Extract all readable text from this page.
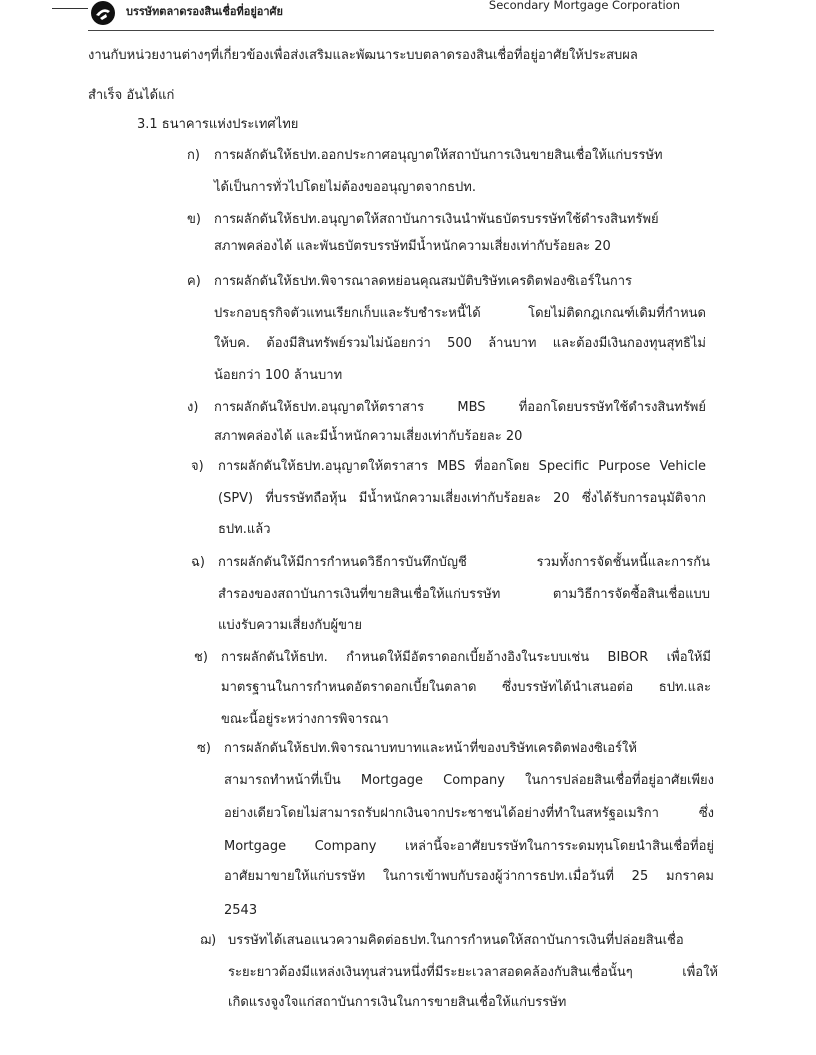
บรรษัทตลาดรองสินเชื่อที่อยู่อาศัย	Secondary Mortgage Corporation
งานกับหน่วยงานต่างๆที่เกี่ยวข้องเพื่อส่งเสริมและพัฒนาระบบตลาดรองสินเชื่อที่อยู่อาศัยให้ประสบผล
สำเร็จ อันได้แก่
3.1 ธนาคารแห่งประเทศไทย
ก) การผลักดันให้ธปท.ออกประกาศอนุญาตให้สถาบันการเงินขายสินเชื่อให้แก่บรรษัท
ได้เป็นการทั่วไปโดยไม่ต้องขออนุญาตจากธปท.
ข) การผลักดันให้ธปท.อนุญาตให้สถาบันการเงินนำพันธบัตรบรรษัทใช้ดำรงสินทรัพย์
สภาพคล่องได้ และพันธบัตรบรรษัทมีน้ำหนักความเสี่ยงเท่ากับร้อยละ 20
ค) การผลักดันให้ธปท.พิจารณาลดหย่อนคุณสมบัติบริษัทเครดิตฟองซิเอร์ในการ
ประกอบธุรกิจตัวแทนเรียกเก็บและรับชำระหนี้ได้ โดยไม่ติดกฎเกณฑ์เดิมที่กำหนด
ให้บค. ต้องมีสินทรัพย์รวมไม่น้อยกว่า 500 ล้านบาท และต้องมีเงินกองทุนสุทธิไม่
น้อยกว่า 100 ล้านบาท
ง) การผลักดันให้ธปท.อนุญาตให้ตราสาร MBS ที่ออกโดยบรรษัทใช้ดำรงสินทรัพย์
สภาพคล่องได้ และมีน้ำหนักความเสี่ยงเท่ากับร้อยละ 20
จ) การผลักดันให้ธปท.อนุญาตให้ตราสาร MBS ที่ออกโดย Specific Purpose Vehicle
(SPV) ที่บรรษัทถือหุ้น มีน้ำหนักความเสี่ยงเท่ากับร้อยละ 20 ซึ่งได้รับการอนุมัติจาก
ธปท.แล้ว
ฉ) การผลักดันให้มีการกำหนดวิธีการบันทึกบัญชี รวมทั้งการจัดชั้นหนี้และการกัน
สำรองของสถาบันการเงินที่ขายสินเชื่อให้แก่บรรษัท ตามวิธีการจัดซื้อสินเชื่อแบบ
แบ่งรับความเสี่ยงกับผู้ขาย
ช) การผลักดันให้ธปท. กำหนดให้มีอัตราดอกเบี้ยอ้างอิงในระบบเช่น BIBOR เพื่อให้มี
มาตรฐานในการกำหนดอัตราดอกเบี้ยในตลาด ซึ่งบรรษัทได้นำเสนอต่อ ธปท.และ
ขณะนี้อยู่ระหว่างการพิจารณา
ซ) การผลักดันให้ธปท.พิจารณาบทบาทและหน้าที่ของบริษัทเครดิตฟองซิเอร์ให้
สามารถทำหน้าที่เป็น Mortgage Company ในการปล่อยสินเชื่อที่อยู่อาศัยเพียง
อย่างเดียวโดยไม่สามารถรับฝากเงินจากประชาชนได้อย่างที่ทำในสหรัฐอเมริกา ซึ่ง
Mortgage Company เหล่านี้จะอาศัยบรรษัทในการระดมทุนโดยนำสินเชื่อที่อยู่
อาศัยมาขายให้แก่บรรษัท ในการเข้าพบกับรองผู้ว่าการธปท.เมื่อวันที่ 25 มกราคม
2543
ฌ) บรรษัทได้เสนอแนวความคิดต่อธปท.ในการกำหนดให้สถาบันการเงินที่ปล่อยสินเชื่อ
ระยะยาวต้องมีแหล่งเงินทุนส่วนหนึ่งที่มีระยะเวลาสอดคล้องกับสินเชื่อนั้นๆ เพื่อให้
เกิดแรงจูงใจแก่สถาบันการเงินในการขายสินเชื่อให้แก่บรรษัท
